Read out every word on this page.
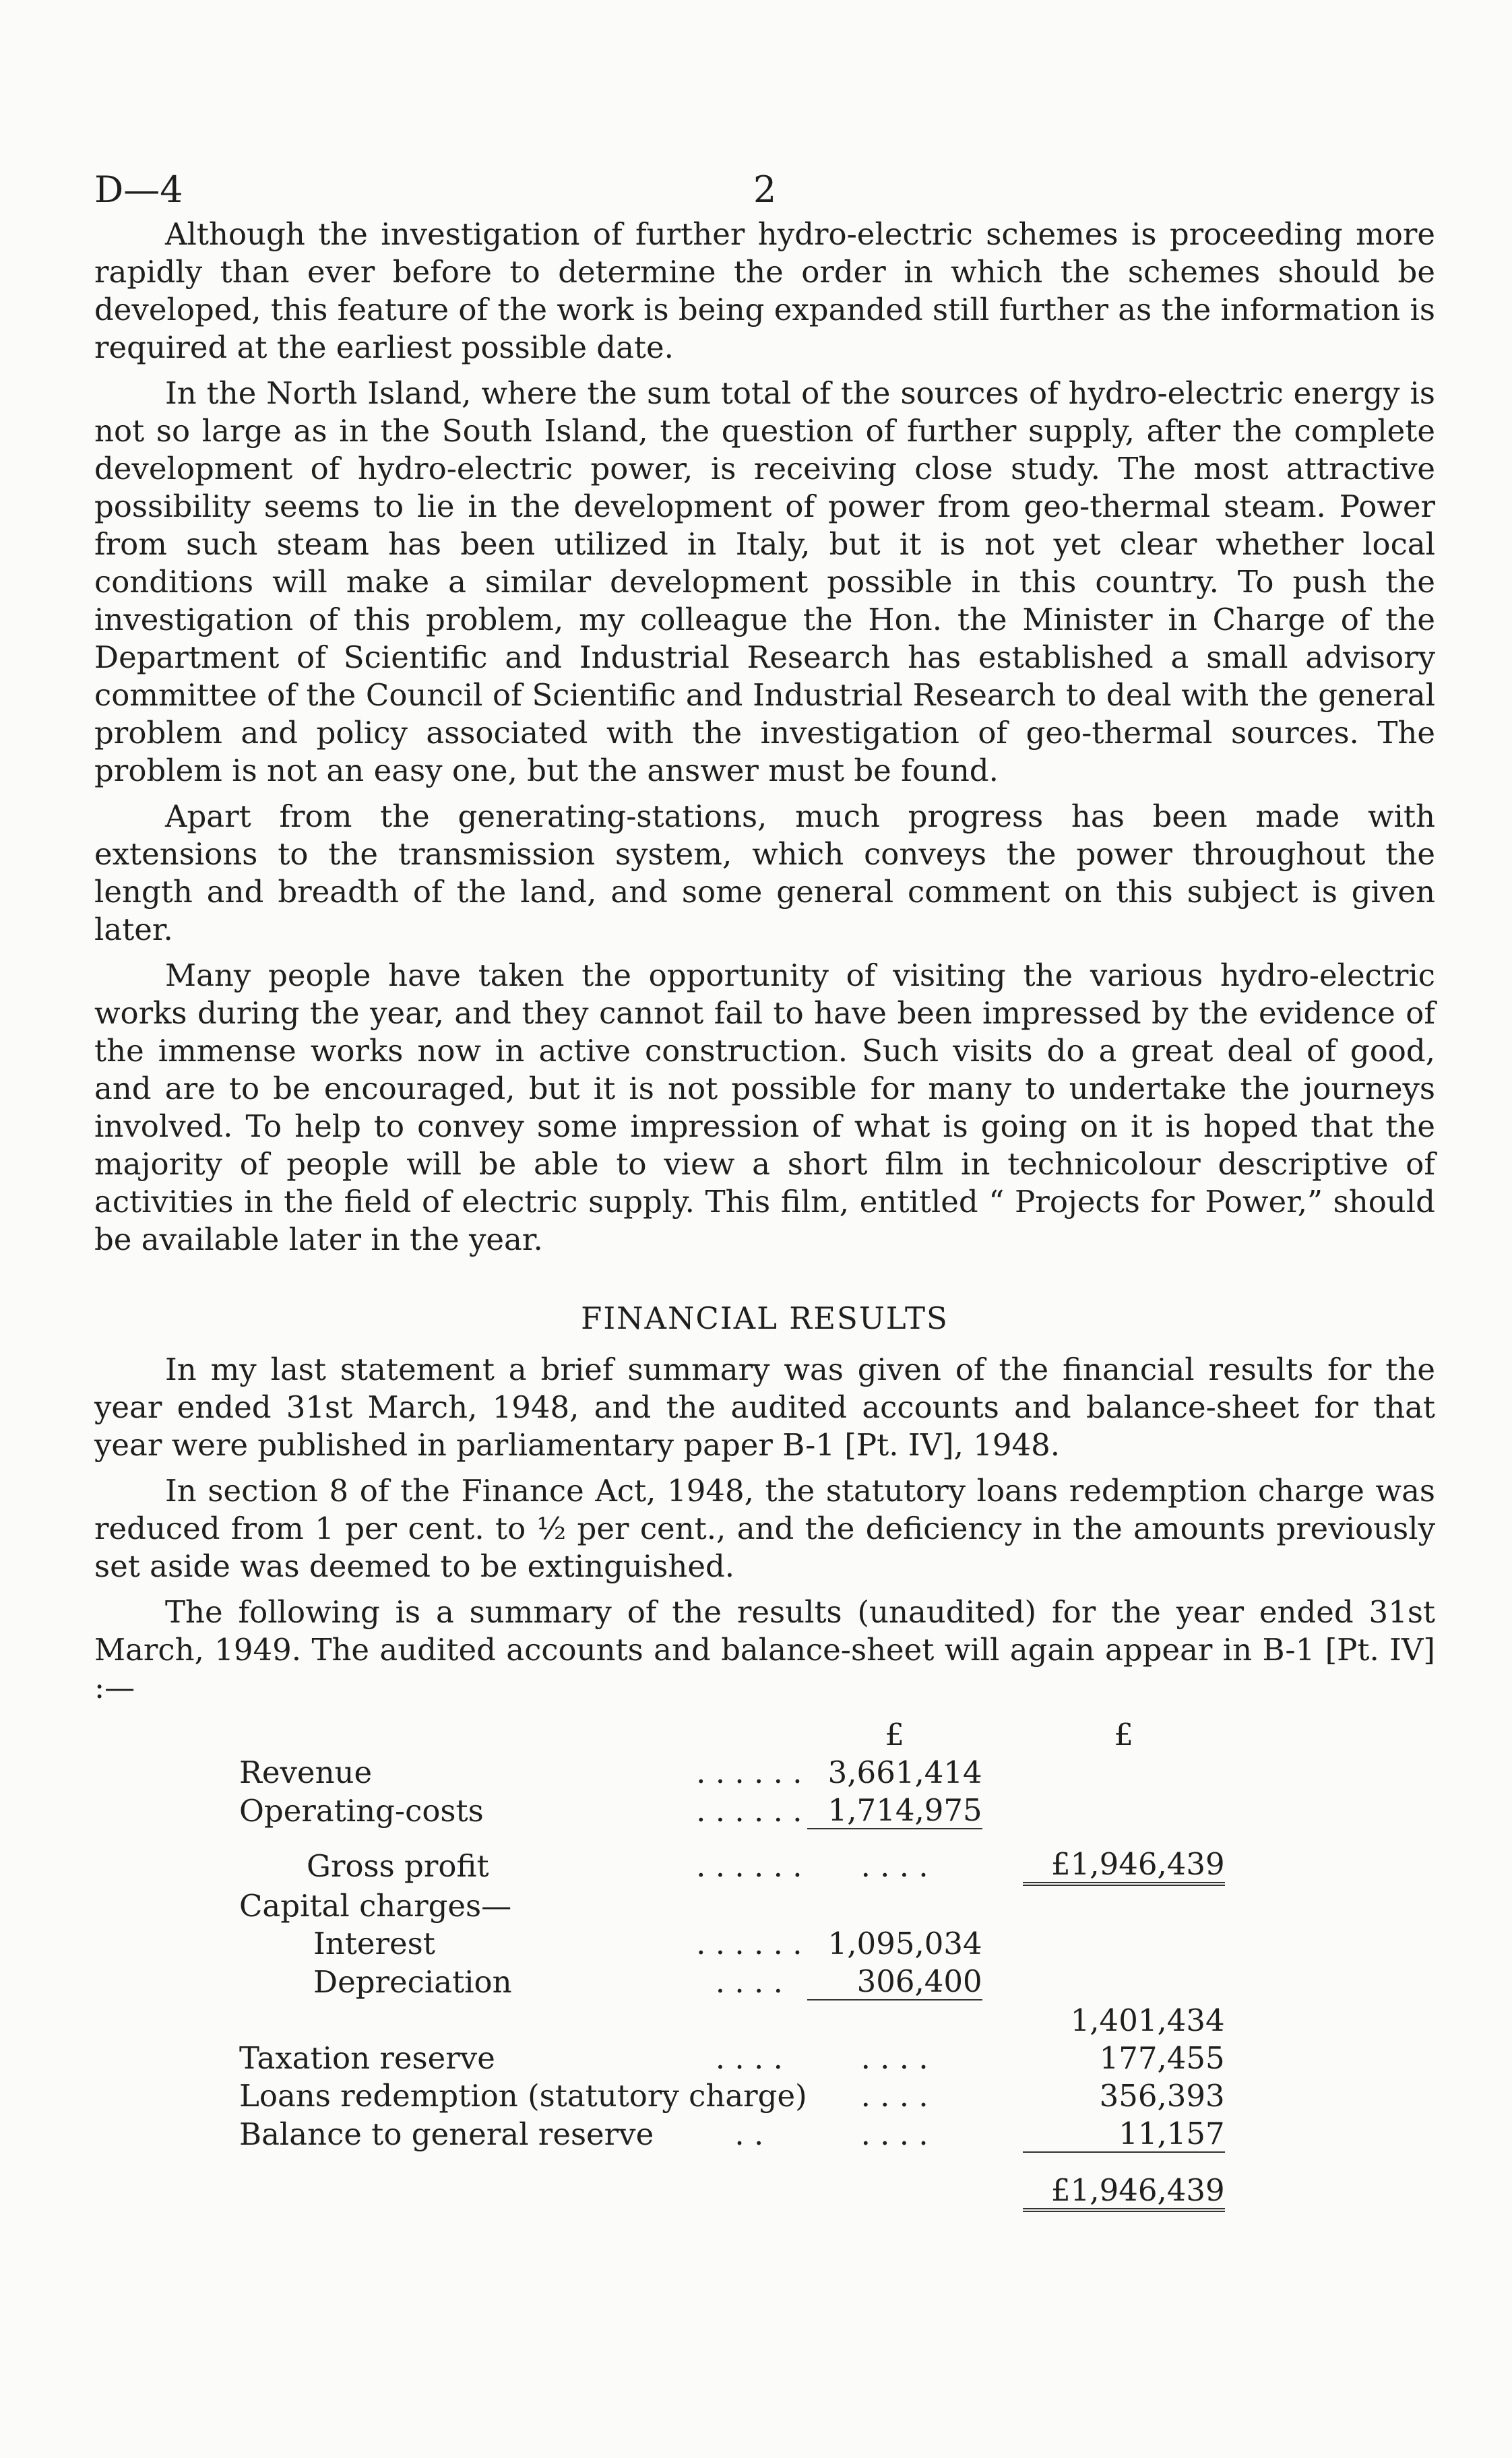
D—4	2

Although the investigation of further hydro-electric schemes is proceeding more rapidly than ever before to determine the order in which the schemes should be developed, this feature of the work is being expanded still further as the information is required at the earliest possible date.

In the North Island, where the sum total of the sources of hydro-electric energy is not so large as in the South Island, the question of further supply, after the complete development of hydro-electric power, is receiving close study. The most attractive possibility seems to lie in the development of power from geo-thermal steam. Power from such steam has been utilized in Italy, but it is not yet clear whether local conditions will make a similar development possible in this country. To push the investigation of this problem, my colleague the Hon. the Minister in Charge of the Department of Scientific and Industrial Research has established a small advisory committee of the Council of Scientific and Industrial Research to deal with the general problem and policy associated with the investigation of geo-thermal sources. The problem is not an easy one, but the answer must be found.

Apart from the generating-stations, much progress has been made with extensions to the transmission system, which conveys the power throughout the length and breadth of the land, and some general comment on this subject is given later.

Many people have taken the opportunity of visiting the various hydro-electric works during the year, and they cannot fail to have been impressed by the evidence of the immense works now in active construction. Such visits do a great deal of good, and are to be encouraged, but it is not possible for many to undertake the journeys involved. To help to convey some impression of what is going on it is hoped that the majority of people will be able to view a short film in technicolour descriptive of activities in the field of electric supply. This film, entitled “ Projects for Power,” should be available later in the year.

FINANCIAL RESULTS

In my last statement a brief summary was given of the financial results for the year ended 31st March, 1948, and the audited accounts and balance-sheet for that year were published in parliamentary paper B-1 [Pt. IV], 1948.

In section 8 of the Finance Act, 1948, the statutory loans redemption charge was reduced from 1 per cent. to ½ per cent., and the deficiency in the amounts previously set aside was deemed to be extinguished.

The following is a summary of the results (unaudited) for the year ended 31st March, 1949. The audited accounts and balance-sheet will again appear in B-1 [Pt. IV] :—

		£		£
Revenue	. . . . . .	3,661,414		
Operating-costs	. . . . . .	1,714,975		
Gross profit	. . . . . .	. . . .		£1,946,439
Capital charges—				
Interest	. . . . . .	1,095,034		
Depreciation	. . . .	306,400		
				1,401,434
Taxation reserve	. . . .	. . . .		177,455
Loans redemption (statutory charge)		. . . .		356,393
Balance to general reserve	. .	. . . .		11,157
				£1,946,439
